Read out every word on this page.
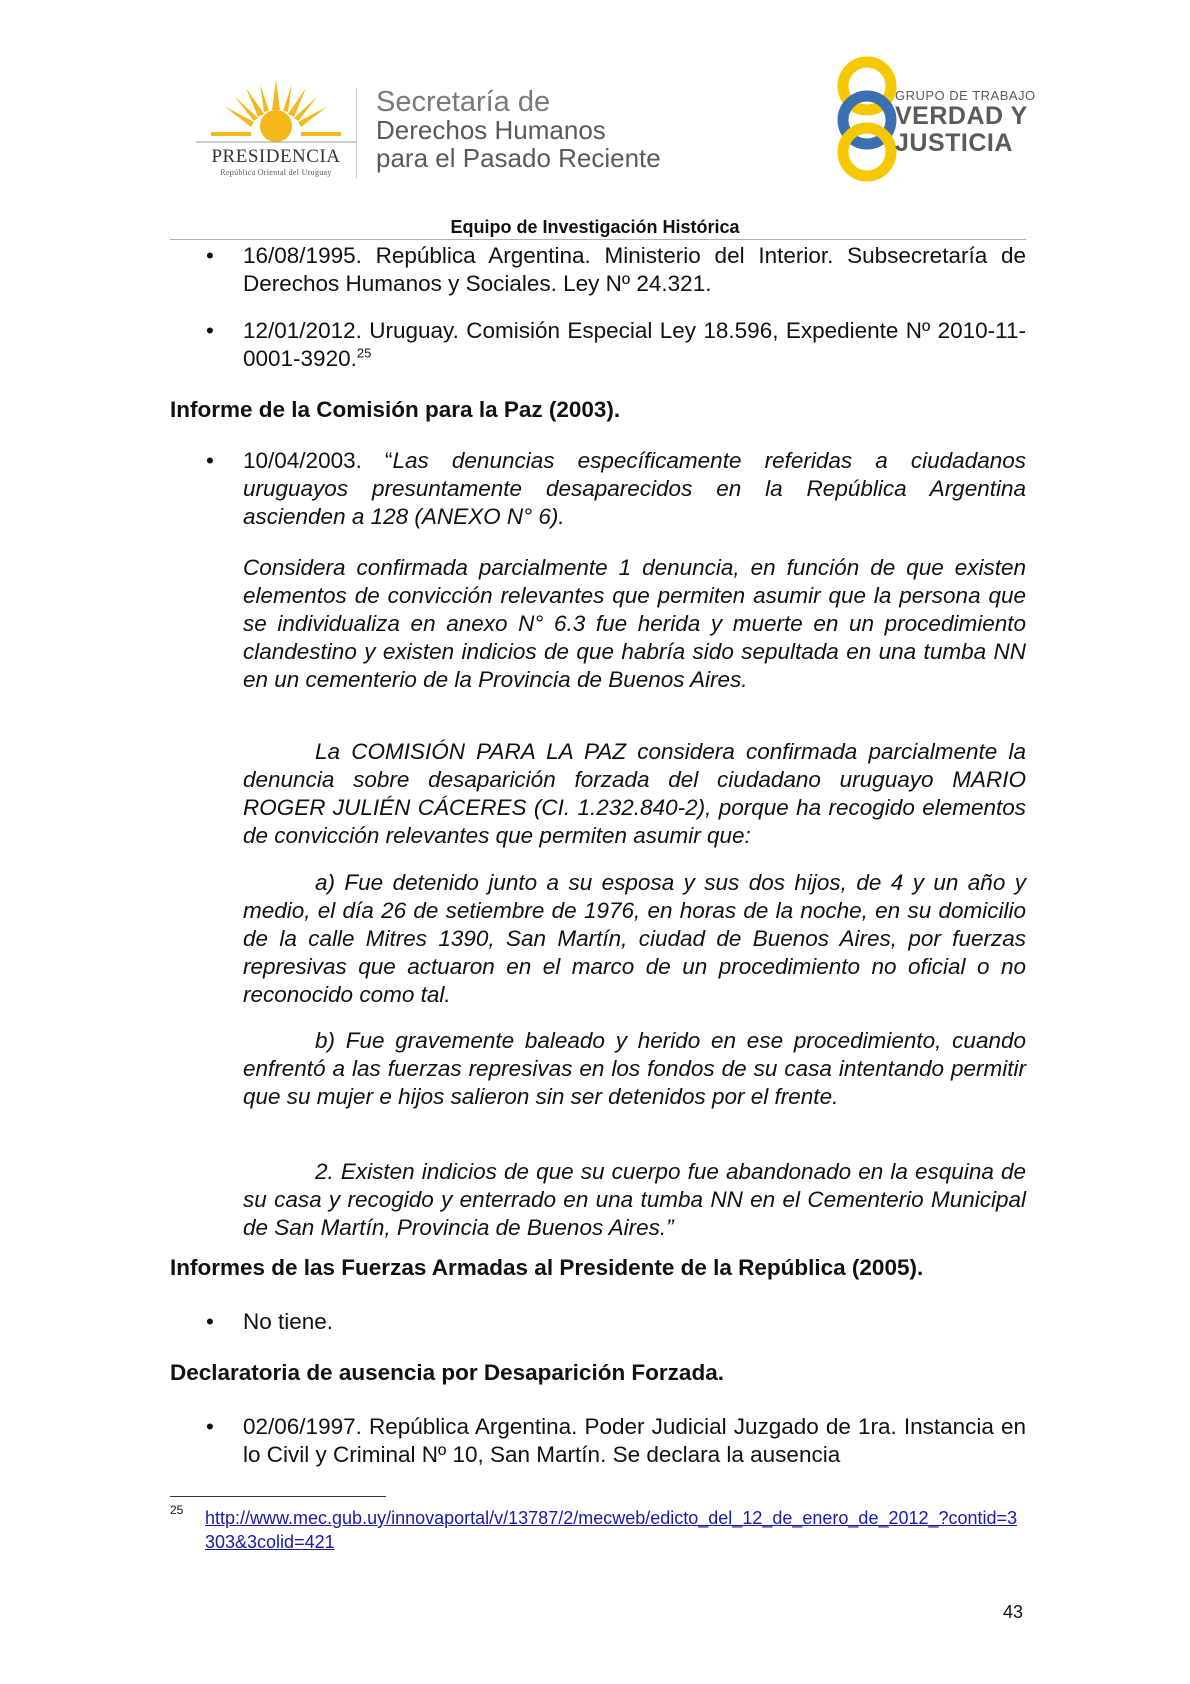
PRESIDENCIA
República Oriental del Uruguay
Secretaría de
Derechos Humanos
para el Pasado Reciente
GRUPO DE TRABAJO
VERDAD Y
JUSTICIA
Equipo de Investigación Histórica
• 16/08/1995. República Argentina. Ministerio del Interior. Subsecretaría de Derechos Humanos y Sociales. Ley Nº 24.321.
• 12/01/2012. Uruguay. Comisión Especial Ley 18.596, Expediente Nº 2010-11-0001-3920.25
Informe de la Comisión para la Paz (2003).
• 10/04/2003. “Las denuncias específicamente referidas a ciudadanos uruguayos presuntamente desaparecidos en la República Argentina ascienden a 128 (ANEXO N° 6).
Considera confirmada parcialmente 1 denuncia, en función de que existen elementos de convicción relevantes que permiten asumir que la persona que se individualiza en anexo N° 6.3 fue herida y muerte en un procedimiento clandestino y existen indicios de que habría sido sepultada en una tumba NN en un cementerio de la Provincia de Buenos Aires.
La COMISIÓN PARA LA PAZ considera confirmada parcialmente la denuncia sobre desaparición forzada del ciudadano uruguayo MARIO ROGER JULIÉN CÁCERES (CI. 1.232.840-2), porque ha recogido elementos de convicción relevantes que permiten asumir que:
a) Fue detenido junto a su esposa y sus dos hijos, de 4 y un año y medio, el día 26 de setiembre de 1976, en horas de la noche, en su domicilio de la calle Mitres 1390, San Martín, ciudad de Buenos Aires, por fuerzas represivas que actuaron en el marco de un procedimiento no oficial o no reconocido como tal.
b) Fue gravemente baleado y herido en ese procedimiento, cuando enfrentó a las fuerzas represivas en los fondos de su casa intentando permitir que su mujer e hijos salieron sin ser detenidos por el frente.
2. Existen indicios de que su cuerpo fue abandonado en la esquina de su casa y recogido y enterrado en una tumba NN en el Cementerio Municipal de San Martín, Provincia de Buenos Aires.”
Informes de las Fuerzas Armadas al Presidente de la República (2005).
• No tiene.
Declaratoria de ausencia por Desaparición Forzada.
• 02/06/1997. República Argentina. Poder Judicial Juzgado de 1ra. Instancia en lo Civil y Criminal Nº 10, San Martín. Se declara la ausencia
25 http://www.mec.gub.uy/innovaportal/v/13787/2/mecweb/edicto_del_12_de_enero_de_2012_?contid=3303&3colid=421
43
